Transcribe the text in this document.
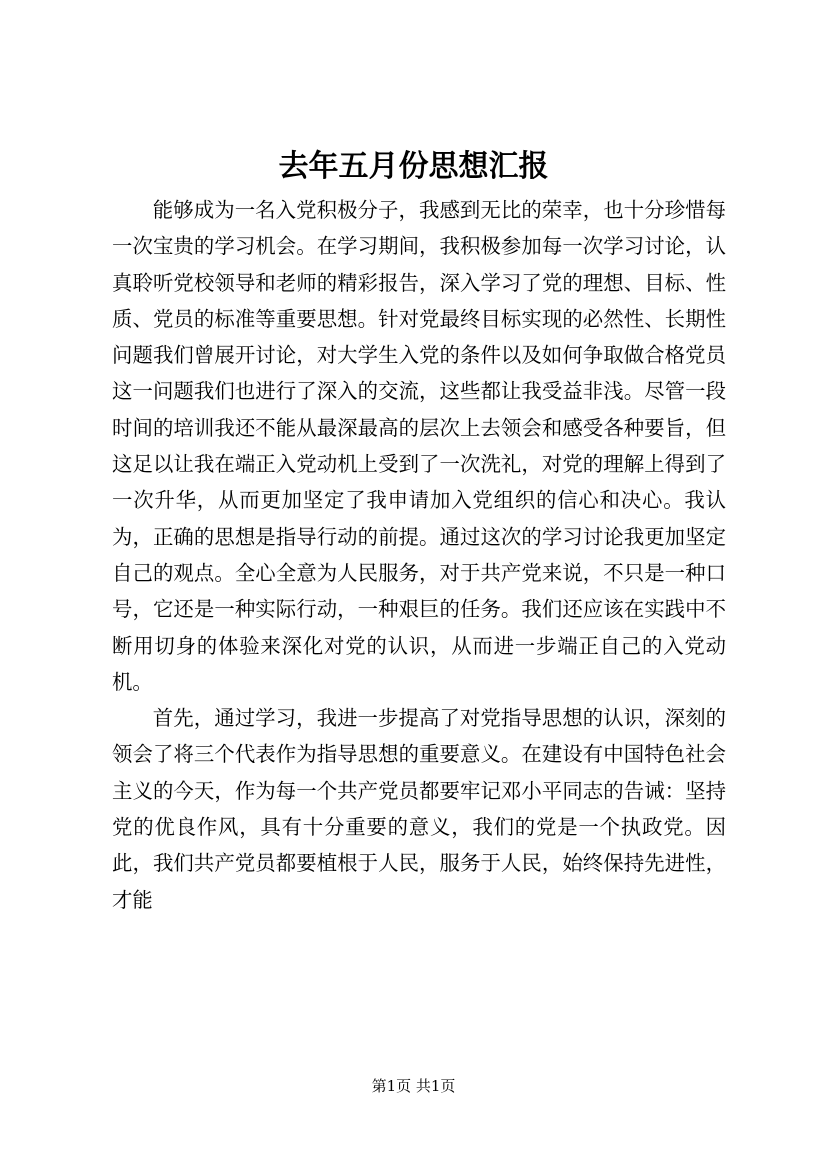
去年五月份思想汇报

能够成为一名入党积极分子，我感到无比的荣幸，也十分珍惜每一次宝贵的学习机会。在学习期间，我积极参加每一次学习讨论，认真聆听党校领导和老师的精彩报告，深入学习了党的理想、目标、性质、党员的标准等重要思想。针对党最终目标实现的必然性、长期性问题我们曾展开讨论，对大学生入党的条件以及如何争取做合格党员这一问题我们也进行了深入的交流，这些都让我受益非浅。尽管一段时间的培训我还不能从最深最高的层次上去领会和感受各种要旨，但这足以让我在端正入党动机上受到了一次洗礼，对党的理解上得到了一次升华，从而更加坚定了我申请加入党组织的信心和决心。我认为，正确的思想是指导行动的前提。通过这次的学习讨论我更加坚定自己的观点。全心全意为人民服务，对于共产党来说，不只是一种口号，它还是一种实际行动，一种艰巨的任务。我们还应该在实践中不断用切身的体验来深化对党的认识，从而进一步端正自己的入党动机。

首先，通过学习，我进一步提高了对党指导思想的认识，深刻的领会了将三个代表作为指导思想的重要意义。在建设有中国特色社会主义的今天，作为每一个共产党员都要牢记邓小平同志的告诫：坚持党的优良作风，具有十分重要的意义，我们的党是一个执政党。因此，我们共产党员都要植根于人民，服务于人民，始终保持先进性，才能

第1页 共1页
